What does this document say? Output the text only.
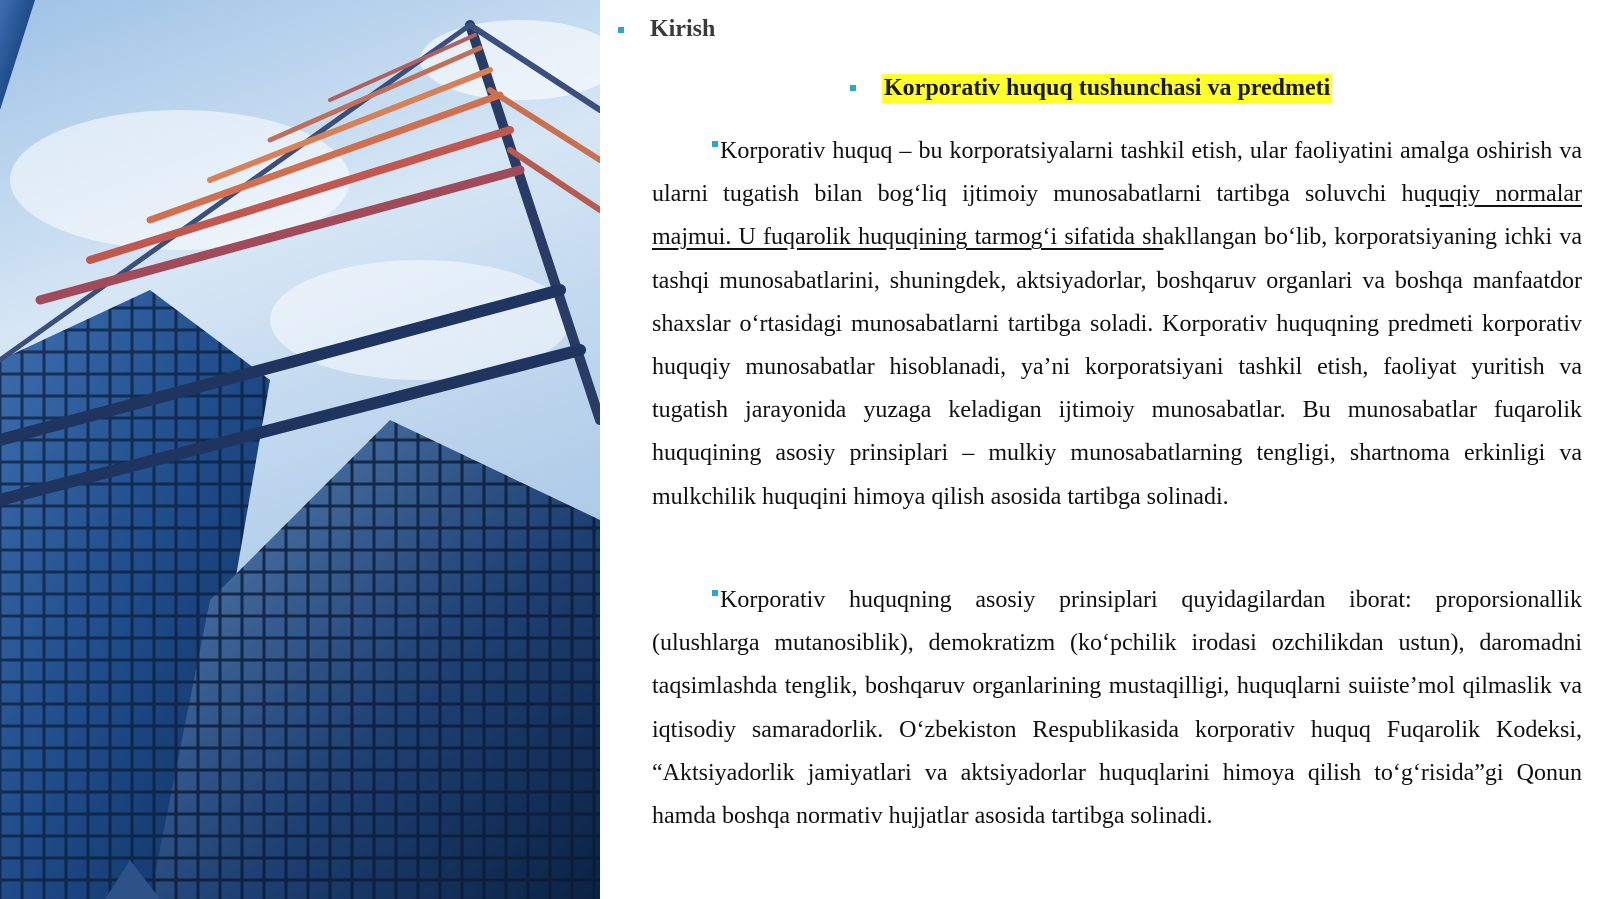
Kirish
Korporativ huquq tushunchasi va predmeti
Korporativ huquq – bu korporatsiyalarni tashkil etish, ular faoliyatini amalga oshirish va ularni tugatish bilan bog‘liq ijtimoiy munosabatlarni tartibga soluvchi huquqiy normalar majmui. U fuqarolik huquqining tarmog‘i sifatida shakllangan bo‘lib, korporatsiyaning ichki va tashqi munosabatlarini, shuningdek, aktsiyadorlar, boshqaruv organlari va boshqa manfaatdor shaxslar o‘rtasidagi munosabatlarni tartibga soladi. Korporativ huquqning predmeti korporativ huquqiy munosabatlar hisoblanadi, ya’ni korporatsiyani tashkil etish, faoliyat yuritish va tugatish jarayonida yuzaga keladigan ijtimoiy munosabatlar. Bu munosabatlar fuqarolik huquqining asosiy prinsiplari – mulkiy munosabatlarning tengligi, shartnoma erkinligi va mulkchilik huquqini himoya qilish asosida tartibga solinadi.
Korporativ huquqning asosiy prinsiplari quyidagilardan iborat: proporsionallik (ulushlarga mutanosiblik), demokratizm (ko‘pchilik irodasi ozchilikdan ustun), daromadni taqsimlashda tenglik, boshqaruv organlarining mustaqilligi, huquqlarni suiiste’mol qilmaslik va iqtisodiy samaradorlik. O‘zbekiston Respublikasida korporativ huquq Fuqarolik Kodeksi, “Aktsiyadorlik jamiyatlari va aktsiyadorlar huquqlarini himoya qilish to‘g‘risida”gi Qonun hamda boshqa normativ hujjatlar asosida tartibga solinadi.
